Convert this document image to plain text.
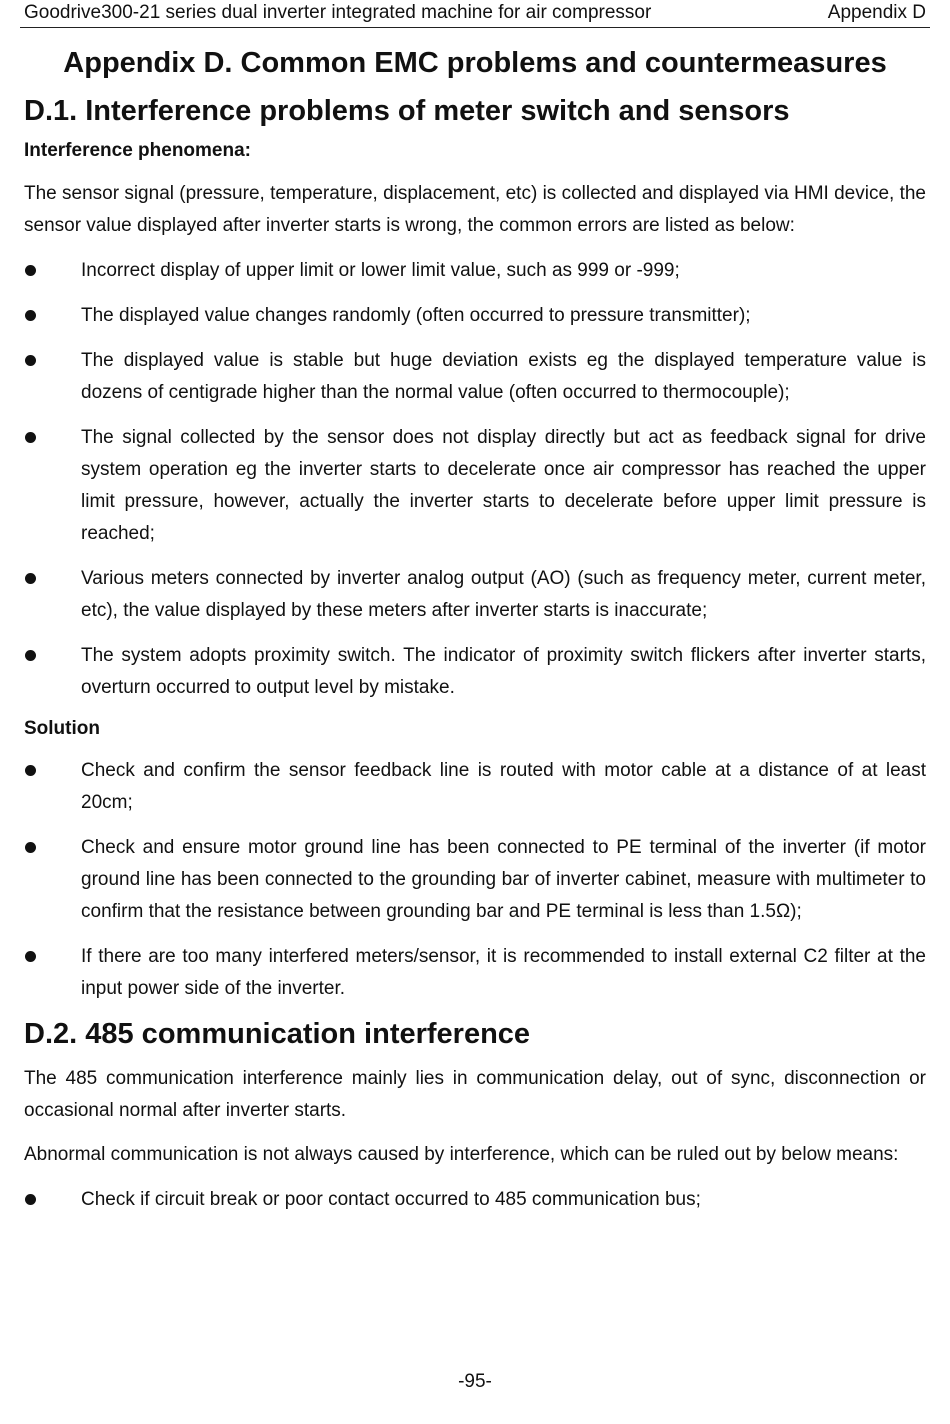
Goodrive300-21 series dual inverter integrated machine for air compressor	Appendix D
Appendix D. Common EMC problems and countermeasures
D.1. Interference problems of meter switch and sensors
Interference phenomena:

The sensor signal (pressure, temperature, displacement, etc) is collected and displayed via HMI device, the sensor value displayed after inverter starts is wrong, the common errors are listed as below:

Incorrect display of upper limit or lower limit value, such as 999 or -999;
The displayed value changes randomly (often occurred to pressure transmitter);
The displayed value is stable but huge deviation exists eg the displayed temperature value is dozens of centigrade higher than the normal value (often occurred to thermocouple);
The signal collected by the sensor does not display directly but act as feedback signal for drive system operation eg the inverter starts to decelerate once air compressor has reached the upper limit pressure, however, actually the inverter starts to decelerate before upper limit pressure is reached;
Various meters connected by inverter analog output (AO) (such as frequency meter, current meter, etc), the value displayed by these meters after inverter starts is inaccurate;
The system adopts proximity switch. The indicator of proximity switch flickers after inverter starts, overturn occurred to output level by mistake.
Solution
Check and confirm the sensor feedback line is routed with motor cable at a distance of at least 20cm;
Check and ensure motor ground line has been connected to PE terminal of the inverter (if motor ground line has been connected to the grounding bar of inverter cabinet, measure with multimeter to confirm that the resistance between grounding bar and PE terminal is less than 1.5Ω);
If there are too many interfered meters/sensor, it is recommended to install external C2 filter at the input power side of the inverter.
D.2. 485 communication interference

The 485 communication interference mainly lies in communication delay, out of sync, disconnection or occasional normal after inverter starts.

Abnormal communication is not always caused by interference, which can be ruled out by below means:

Check if circuit break or poor contact occurred to 485 communication bus;
-95-
